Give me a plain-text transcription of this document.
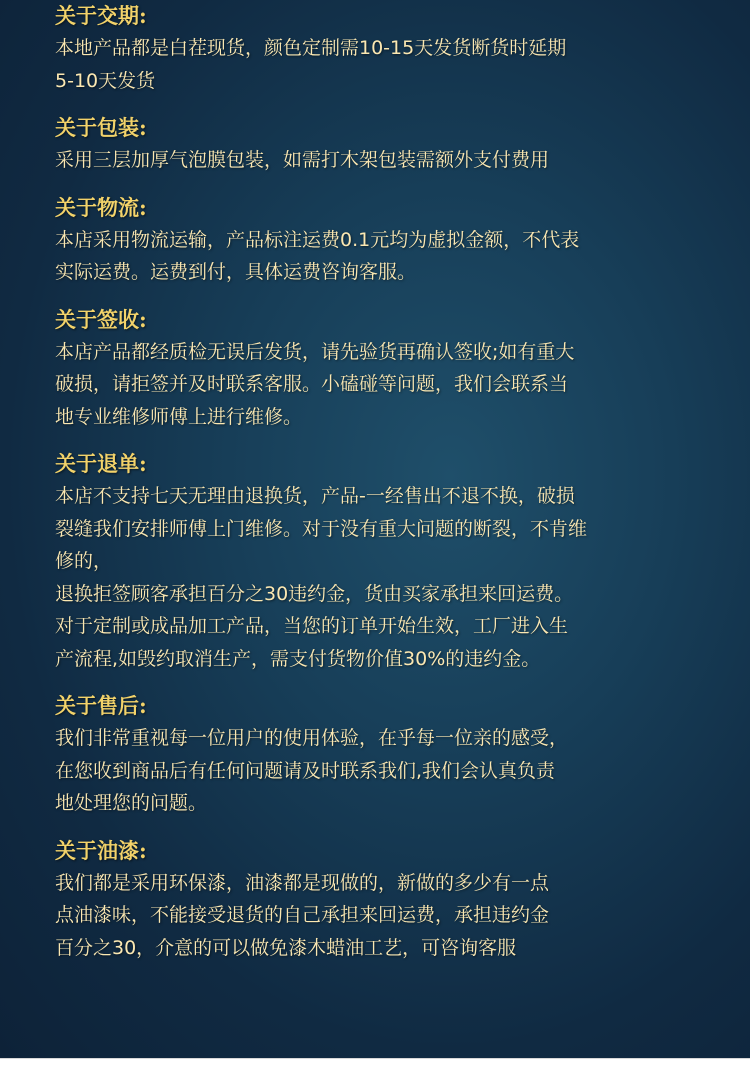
关于交期:
本地产品都是白茬现货，颜色定制需10-15天发货断货时延期
5-10天发货
关于包装:
采用三层加厚气泡膜包装，如需打木架包装需额外支付费用
关于物流:
本店采用物流运输，产品标注运费0.1元均为虚拟金额，不代表
实际运费。运费到付，具体运费咨询客服。
关于签收:
本店产品都经质检无误后发货，请先验货再确认签收;如有重大
破损，请拒签并及时联系客服。小磕碰等问题，我们会联系当
地专业维修师傅上进行维修。
关于退单:
本店不支持七天无理由退换货，产品-一经售出不退不换，破损
裂缝我们安排师傅上门维修。对于没有重大问题的断裂，不肯维
修的，
退换拒签顾客承担百分之30违约金，货由买家承担来回运费。
对于定制或成品加工产品，当您的订单开始生效，工厂进入生
产流程,如毁约取消生产，需支付货物价值30%的违约金。
关于售后:
我们非常重视每一位用户的使用体验，在乎每一位亲的感受，
在您收到商品后有任何问题请及时联系我们,我们会认真负责
地处理您的问题。
关于油漆:
我们都是采用环保漆，油漆都是现做的，新做的多少有一点
点油漆味，不能接受退货的自己承担来回运费，承担违约金
百分之30，介意的可以做免漆木蜡油工艺，可咨询客服
